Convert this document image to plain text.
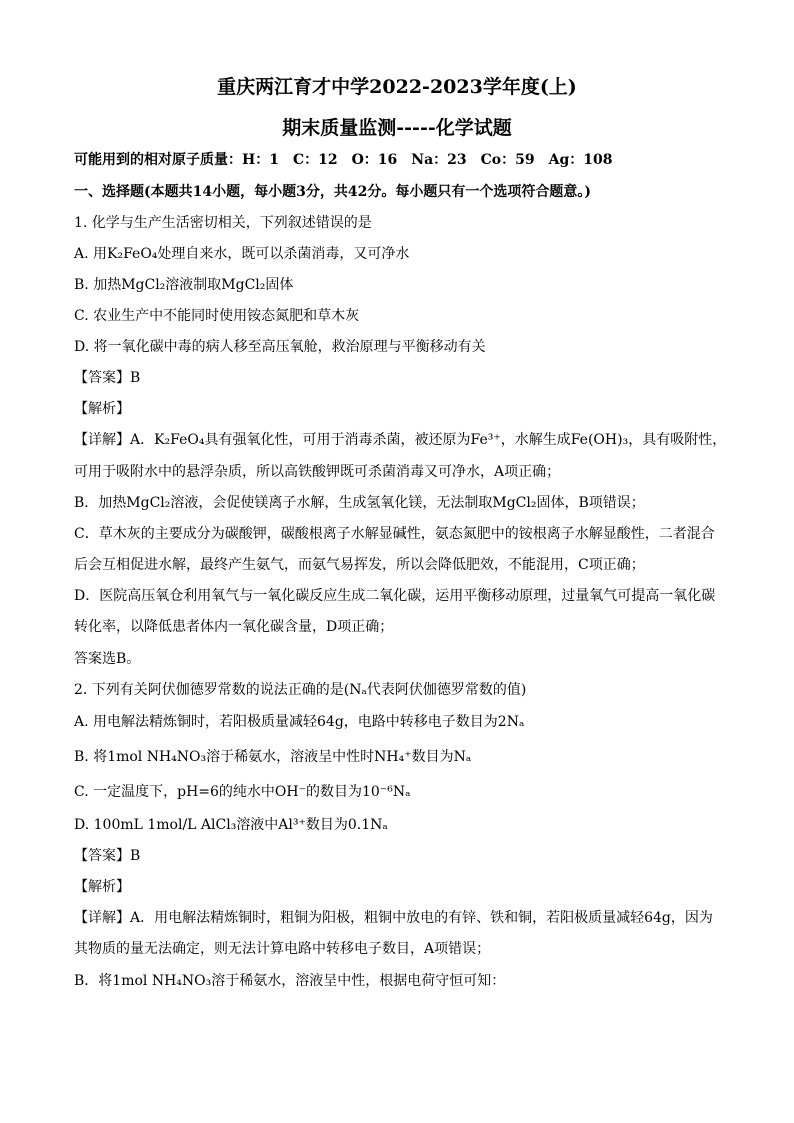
重庆两江育才中学2022-2023学年度(上)
期末质量监测-----化学试题
可能用到的相对原子质量：H：1　C：12　O：16　Na：23　Co：59　Ag：108
一、选择题(本题共14小题，每小题3分，共42分。每小题只有一个选项符合题意。)
1. 化学与生产生活密切相关，下列叙述错误的是
A. 用K₂FeO₄处理自来水，既可以杀菌消毒，又可净水
B. 加热MgCl₂溶液制取MgCl₂固体
C. 农业生产中不能同时使用铵态氮肥和草木灰
D. 将一氧化碳中毒的病人移至高压氧舱，救治原理与平衡移动有关
【答案】B
【解析】
【详解】A．K₂FeO₄具有强氧化性，可用于消毒杀菌，被还原为Fe³⁺，水解生成Fe(OH)₃，具有吸附性，
可用于吸附水中的悬浮杂质，所以高铁酸钾既可杀菌消毒又可净水，A项正确；
B．加热MgCl₂溶液，会促使镁离子水解，生成氢氧化镁，无法制取MgCl₂固体，B项错误；
C．草木灰的主要成分为碳酸钾，碳酸根离子水解显碱性，氨态氮肥中的铵根离子水解显酸性，二者混合
后会互相促进水解，最终产生氨气，而氨气易挥发，所以会降低肥效，不能混用，C项正确；
D．医院高压氧仓利用氧气与一氧化碳反应生成二氧化碳，运用平衡移动原理，过量氧气可提高一氧化碳
转化率，以降低患者体内一氧化碳含量，D项正确；
答案选B。
2. 下列有关阿伏伽德罗常数的说法正确的是(Nₐ代表阿伏伽德罗常数的值)
A. 用电解法精炼铜时，若阳极质量减轻64g，电路中转移电子数目为2Nₐ
B. 将1mol NH₄NO₃溶于稀氨水，溶液呈中性时NH₄⁺数目为Nₐ
C. 一定温度下，pH=6的纯水中OH⁻的数目为10⁻⁶Nₐ
D. 100mL 1mol/L AlCl₃溶液中Al³⁺数目为0.1Nₐ
【答案】B
【解析】
【详解】A．用电解法精炼铜时，粗铜为阳极，粗铜中放电的有锌、铁和铜，若阳极质量减轻64g，因为
其物质的量无法确定，则无法计算电路中转移电子数目，A项错误；
B．将1mol NH₄NO₃溶于稀氨水，溶液呈中性，根据电荷守恒可知：
